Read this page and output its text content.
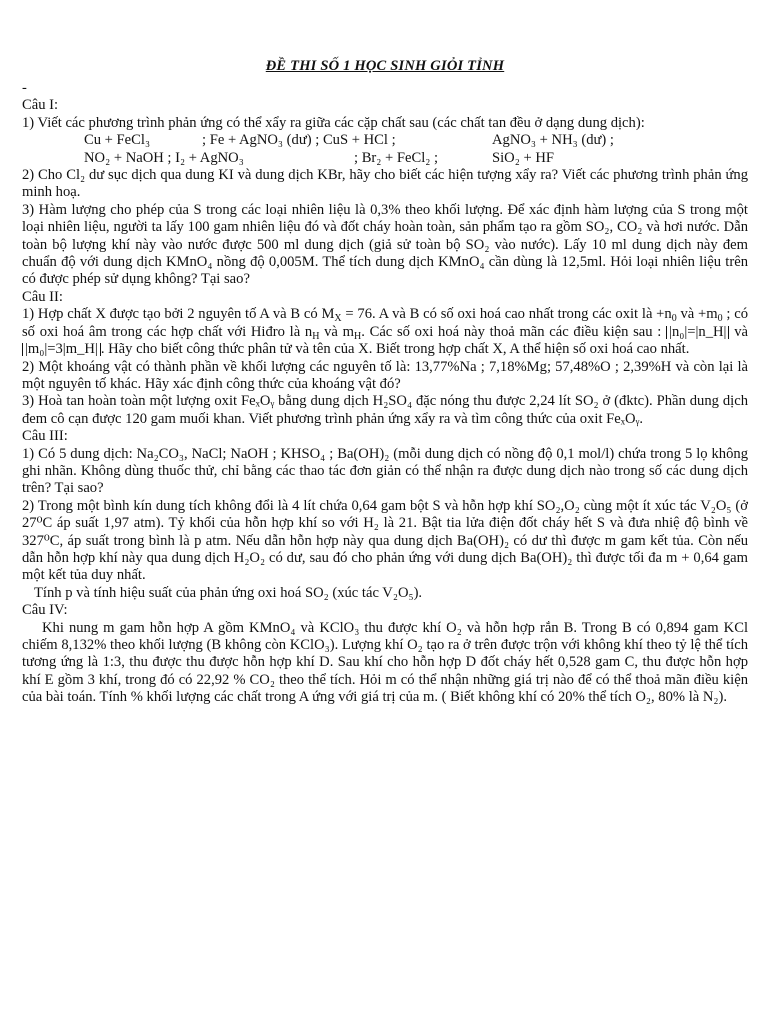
ĐỀ THI SỐ 1 HỌC SINH GIỎI TỈNH

-

Câu I:

1) Viết các phương trình phản ứng có thể xẩy ra giữa các cặp chất sau (các chất tan đều ở dạng dung dịch):

Cu + FeCl₃	; Fe + AgNO₃ (dư) ; CuS + HCl ;	AgNO₃ + NH₃ (dư) ;
NO₂ + NaOH ; I₂ + AgNO₃	; Br₂ + FeCl₂ ;	SiO₂ + HF

2) Cho Cl₂ dư sục dịch qua dung KI và dung dịch KBr, hãy cho biết các hiện tượng xẩy ra? Viết các phương trình phản ứng minh hoạ.

3) Hàm lượng cho phép của S trong các loại nhiên liệu là 0,3% theo khối lượng. Để xác định hàm lượng của S trong một loại nhiên liệu, người ta lấy 100 gam nhiên liệu đó và đốt cháy hoàn toàn, sản phẩm tạo ra gồm SO₂, CO₂ và hơi nước. Dẫn toàn bộ lượng khí này vào nước được 500 ml dung dịch (giả sử toàn bộ SO₂ vào nước). Lấy 10 ml dung dịch này đem chuẩn độ với dung dịch KMnO₄ nồng độ 0,005M. Thể tích dung dịch KMnO₄ cần dùng là 12,5ml. Hỏi loại nhiên liệu trên có được phép sử dụng không? Tại sao?

Câu II:

1) Hợp chất X được tạo bởi 2 nguyên tố A và B có $M_X = 76$. A và B có số oxi hoá cao nhất trong các oxit là $+n_0$ và $+m_0$ ; có số oxi hoá âm trong các hợp chất với Hiđro là $n_H$ và $m_H$. Các số oxi hoá này thoả mãn các điều kiện sau : |n₀|=|n_H| và |m₀|=3|m_H| . Hãy cho biết công thức phân tử và tên của X. Biết trong hợp chất X, A thể hiện số oxi hoá cao nhất.

2) Một khoáng vật có thành phần về khối lượng các nguyên tố là: 13,77%Na ; 7,18%Mg; 57,48%O ; 2,39%H và còn lại là một nguyên tố khác. Hãy xác định công thức của khoáng vật đó?

3) Hoà tan hoàn toàn một lượng oxit FeₓOᵧ bằng dung dịch H₂SO₄ đặc nóng thu được 2,24 lít SO₂ ở (đktc). Phần dung dịch đem cô cạn được 120 gam muối khan. Viết phương trình phản ứng xẩy ra và tìm công thức của oxit FeₓOᵧ.

Câu III:

1) Có 5 dung dịch: Na₂CO₃, NaCl; NaOH ; KHSO₄ ; Ba(OH)₂ (mỗi dung dịch có nồng độ 0,1 mol/l) chứa trong 5 lọ không ghi nhãn. Không dùng thuốc thử, chỉ bằng các thao tác đơn giản có thể nhận ra được dung dịch nào trong số các dung dịch trên? Tại sao?

2) Trong một bình kín dung tích không đổi là 4 lít chứa 0,64 gam bột S và hỗn hợp khí SO₂,O₂ cùng một ít xúc tác V₂O₅ (ở 27⁰C áp suất 1,97 atm). Tỷ khối của hỗn hợp khí so với H₂ là 21. Bật tia lửa điện đốt cháy hết S và đưa nhiệ độ bình về 327⁰C, áp suất trong bình là p atm. Nếu dẫn hỗn hợp này qua dung dịch Ba(OH)₂ có dư thì được m gam kết tủa. Còn nếu dẫn hỗn hợp khí này qua dung dịch H₂O₂ có dư, sau đó cho phản ứng với dung dịch Ba(OH)₂ thì được tối đa m + 0,64 gam một kết tủa duy nhất.

Tính p và tính hiệu suất của phản ứng oxi hoá SO₂ (xúc tác V₂O₅).

Câu IV:

Khi nung m gam hỗn hợp A gồm KMnO₄ và KClO₃ thu được khí O₂ và hỗn hợp rắn B. Trong B có 0,894 gam KCl chiếm 8,132% theo khối lượng (B không còn KClO₃). Lượng khí O₂ tạo ra ở trên được trộn với không khí theo tỷ lệ thể tích tương ứng là 1:3, thu được thu được hỗn hợp khí D. Sau khí cho hỗn hợp D đốt cháy hết 0,528 gam C, thu được hỗn hợp khí E gồm 3 khí, trong đó có 22,92 % CO₂ theo thể tích. Hỏi m có thể nhận những giá trị nào để có thể thoả mãn điều kiện của bài toán. Tính % khối lượng các chất trong A ứng với giá trị của m. ( Biết không khí có 20% thể tích O₂, 80% là N₂).
